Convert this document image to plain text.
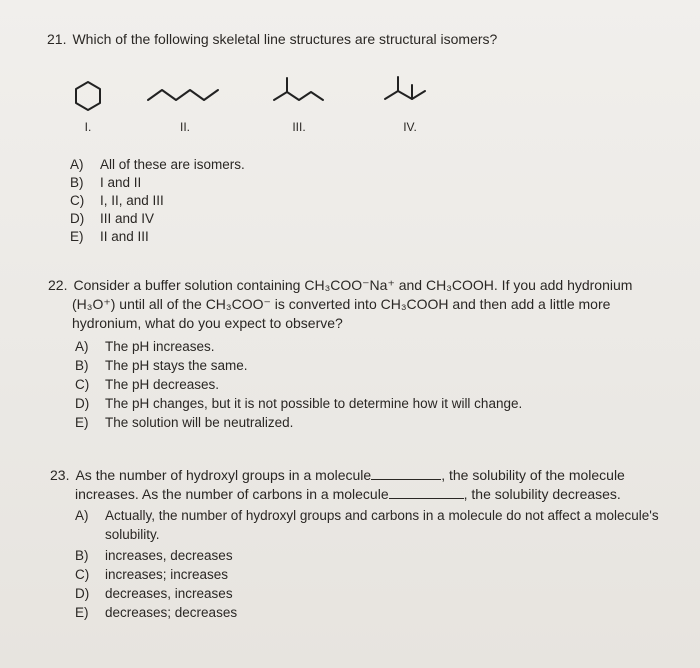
21. Which of the following skeletal line structures are structural isomers?
I.	II.	III.	IV.
A) All of these are isomers.
B) I and II
C) I, II, and III
D) III and IV
E) II and III
22. Consider a buffer solution containing CH₃COO⁻Na⁺ and CH₃COOH. If you add hydronium
(H₃O⁺) until all of the CH₃COO⁻ is converted into CH₃COOH and then add a little more
hydronium, what do you expect to observe?
A) The pH increases.
B) The pH stays the same.
C) The pH decreases.
D) The pH changes, but it is not possible to determine how it will change.
E) The solution will be neutralized.
23. As the number of hydroxyl groups in a molecule	, the solubility of the molecule
increases. As the number of carbons in a molecule	, the solubility decreases.
A) Actually, the number of hydroxyl groups and carbons in a molecule do not affect a molecule's
solubility.
B) increases, decreases
C) increases; increases
D) decreases, increases
E) decreases; decreases
